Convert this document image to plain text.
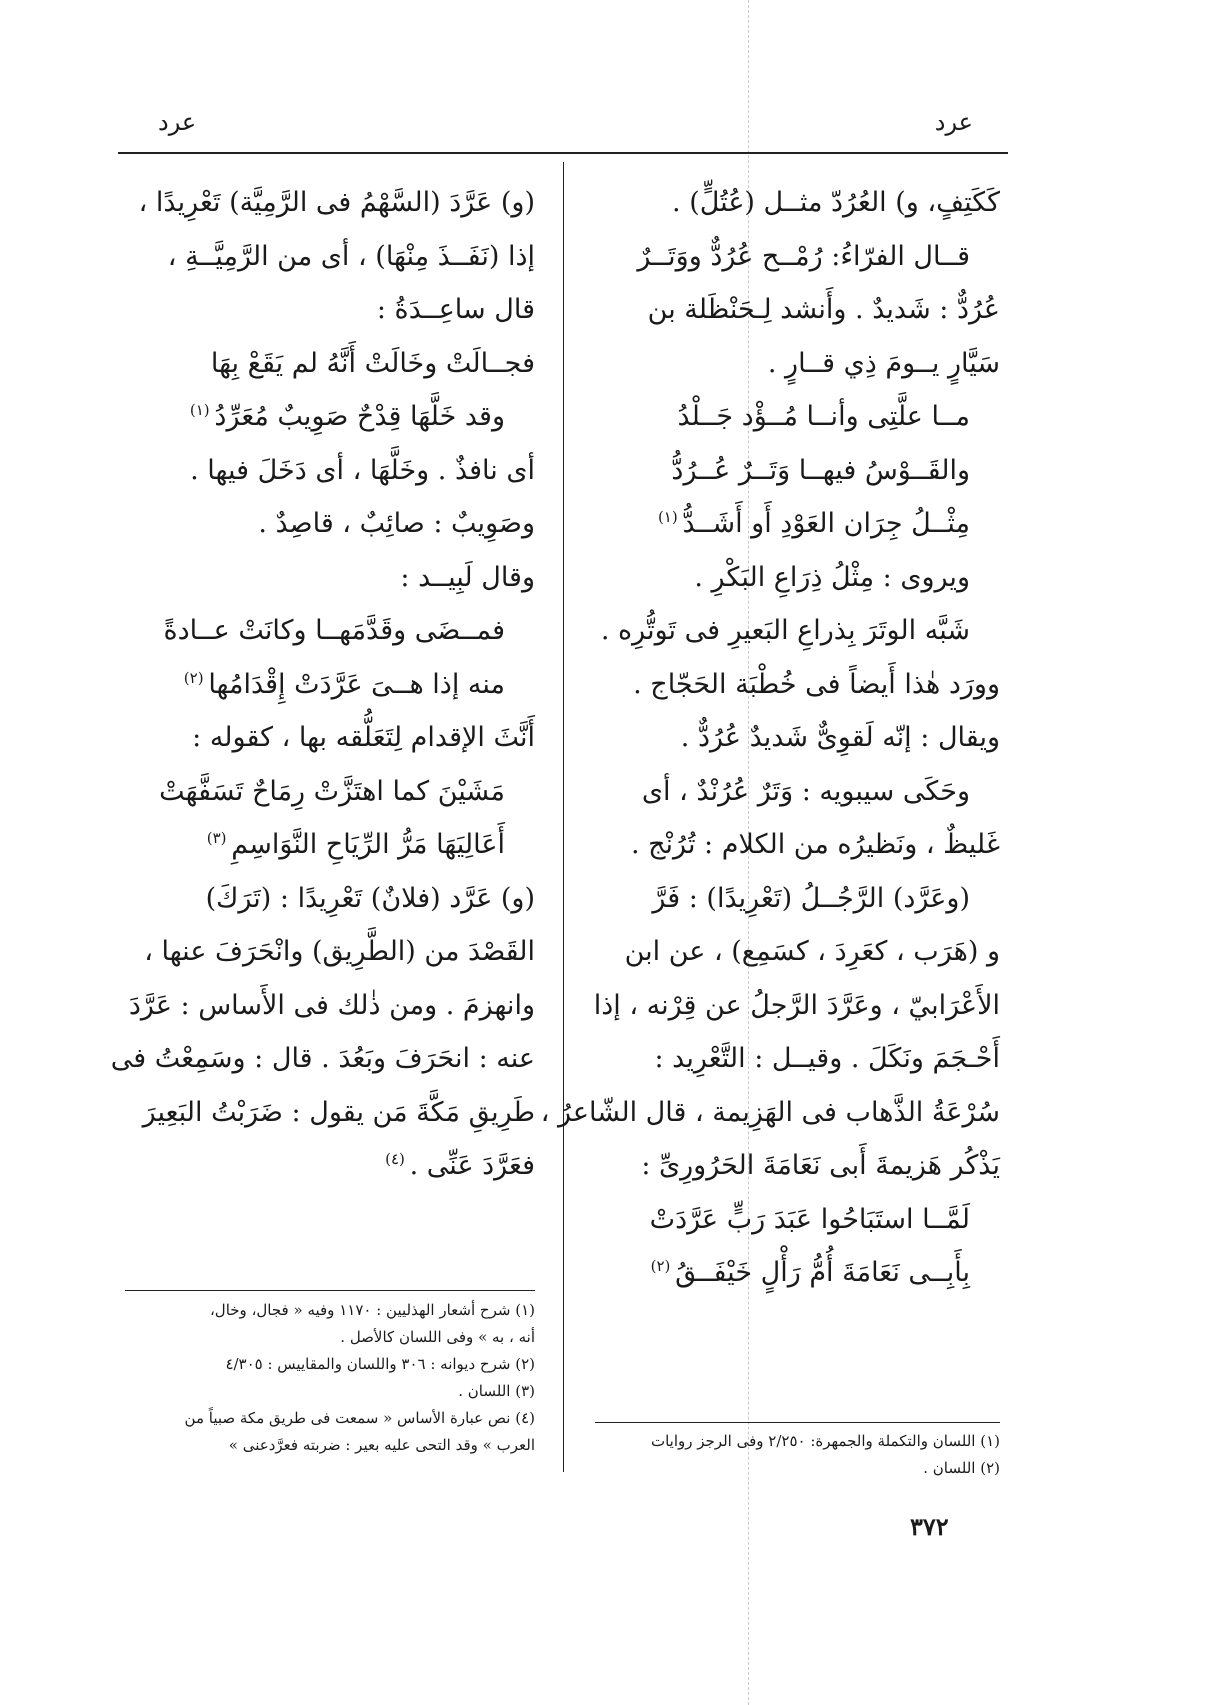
عرد
عرد
كَكَتِفٍ، و) العُرُدّ مثــل (عُتُلٍّ) .
قــال الفرّاءُ: رُمْــح عُرُدٌّ ووَتَــرٌ
عُرُدٌّ : شَديدٌ . وأَنشد لِـحَنْظَلة بن
سَيَّارٍ يــومَ ذِي قــارٍ .
مــا علَّتِى وأنــا مُــؤْد جَــلْدُ
والقَــوْسُ فيهــا وَتَــرٌ عُــرُدُّ
مِثْــلُ جِرَان العَوْدِ أَو أَشَــدُّ $^{(١)}$
ويروى : مِثْلُ ذِرَاعِ البَكْرِ .
شَبَّه الوتَرَ بِذراعِ البَعيرِ فى تَوتُّرِه .
وورَد هٰذا أَيضاً فى خُطْبَة الحَجّاج .
ويقال : إنّه لَقوِىٌّ شَديدٌ عُرُدٌّ .
وحَكَى سيبويه : وَتَرٌ عُرُنْدٌ ، أى
غَليظٌ ، ونَظيرُه من الكلام : تُرُنْج .
(وعَرَّد) الرَّجُــلُ (تَعْرِيدًا) : فَرَّ
و (هَرَب ، كعَرِدَ ، كسَمِع) ، عن ابن
الأَعْرَابيّ ، وعَرَّدَ الرَّجلُ عن قِرْنه ، إذا
أَحْـجَمَ ونَكَلَ . وقيــل : التَّعْرِيد :
سُرْعَةُ الذَّهاب فى الهَزِيمة ، قال الشّاعرُ ،
يَذْكُر هَزيمةَ أَبى نَعَامَةَ الحَرُورِىِّ :
لَمَّــا استَبَاحُوا عَبَدَ رَبٍّ عَرَّدَتْ
بِأَبِــى نَعَامَةَ أُمُّ رَأْلٍ خَيْفَــقُ $^{(٢)}$
(و) عَرَّدَ (السَّهْمُ فى الرَّمِيَّة) تَعْرِيدًا ،
إذا (نَفَــذَ مِنْهَا) ، أى من الرَّمِيَّــةِ ،
قال ساعِــدَةُ :
فجــالَتْ وخَالَتْ أَنَّهُ لم يَقَعْ بِهَا
وقد خَلَّهَا قِدْحٌ صَوِيبٌ مُعَرِّدُ $^{(١)}$
أى نافذٌ . وخَلَّهَا ، أى دَخَلَ فيها .
وصَوِيبٌ : صائِبٌ ، قاصِدٌ .
وقال لَبِيــد :
فمــضَى وقَدَّمَهــا وكانَتْ عــادةً
منه إذا هــىَ عَرَّدَتْ إِقْدَامُها $^{(٢)}$
أَنَّثَ الإقدام لِتَعَلُّقه بها ، كقوله :
مَشَيْنَ كما اهتَزَّتْ رِمَاحٌ تَسَفَّهَتْ
أَعَالِيَهَا مَرُّ الرِّيَاحِ النَّوَاسِمِ $^{(٣)}$
(و) عَرَّد (فلانٌ) تَعْرِيدًا : (تَرَكَ)
القَصْدَ من (الطَّرِيق) وانْحَرَفَ عنها ،
وانهزمَ . ومن ذٰلك فى الأَساس : عَرَّدَ
عنه : انحَرَفَ وبَعُدَ . قال : وسَمِعْتُ فى
طَرِيقِ مَكَّةَ مَن يقول : ضَرَبْتُ البَعِيرَ
فعَرَّدَ عَنِّى . $^{(٤)}$
(١) اللسان والتكملة والجمهرة: ٢/٢٥٠ وفى الرجز روايات
(٢) اللسان .
(١) شرح أشعار الهذليين : ١١٧٠ وفيه « فجال، وخال،
أنه ، به » وفى اللسان كالأصل .
(٢) شرح ديوانه : ٣٠٦ واللسان والمقاييس : ٤/٣٠٥
(٣) اللسان .
(٤) نص عبارة الأساس « سمعت فى طريق مكة صبياً من
العرب » وقد التحى عليه بعير : ضربته فعرَّدعنى »
٣٧٢
